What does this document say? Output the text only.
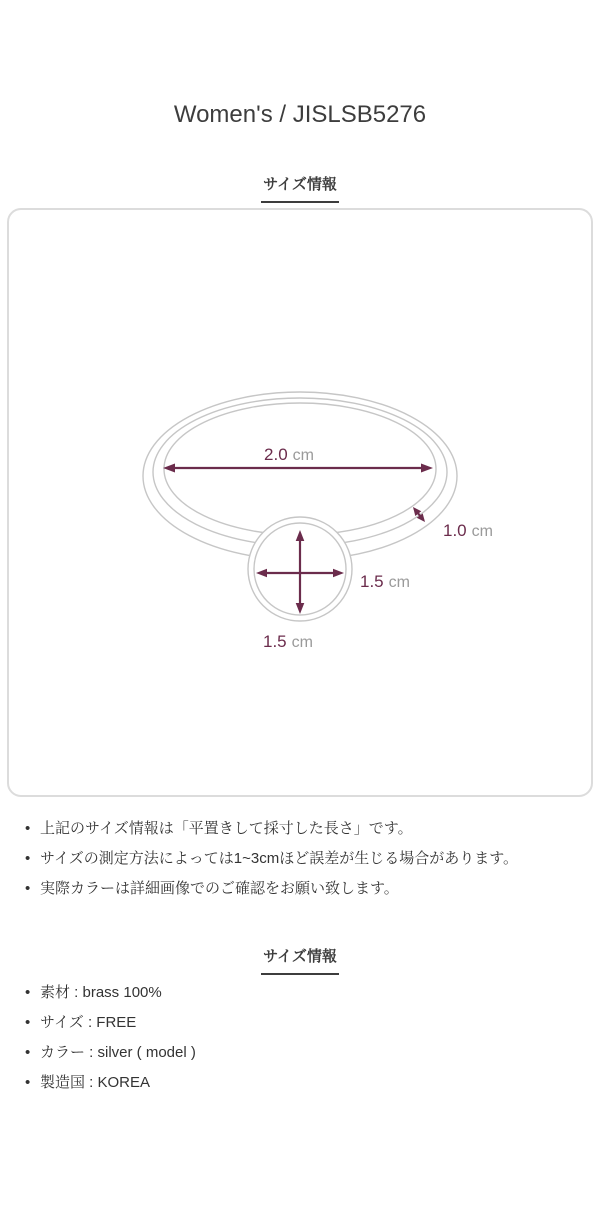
Women's / JISLSB5276
サイズ情報
2.0 cm
1.0 cm
1.5 cm
1.5 cm
• 上記のサイズ情報は「平置きして採寸した長さ」です。
• サイズの測定方法によっては1~3cmほど誤差が生じる場合があります。
• 実際カラーは詳細画像でのご確認をお願い致します。
サイズ情報
• 素材 : brass 100%
• サイズ : FREE
• カラー : silver ( model )
• 製造国 : KOREA
